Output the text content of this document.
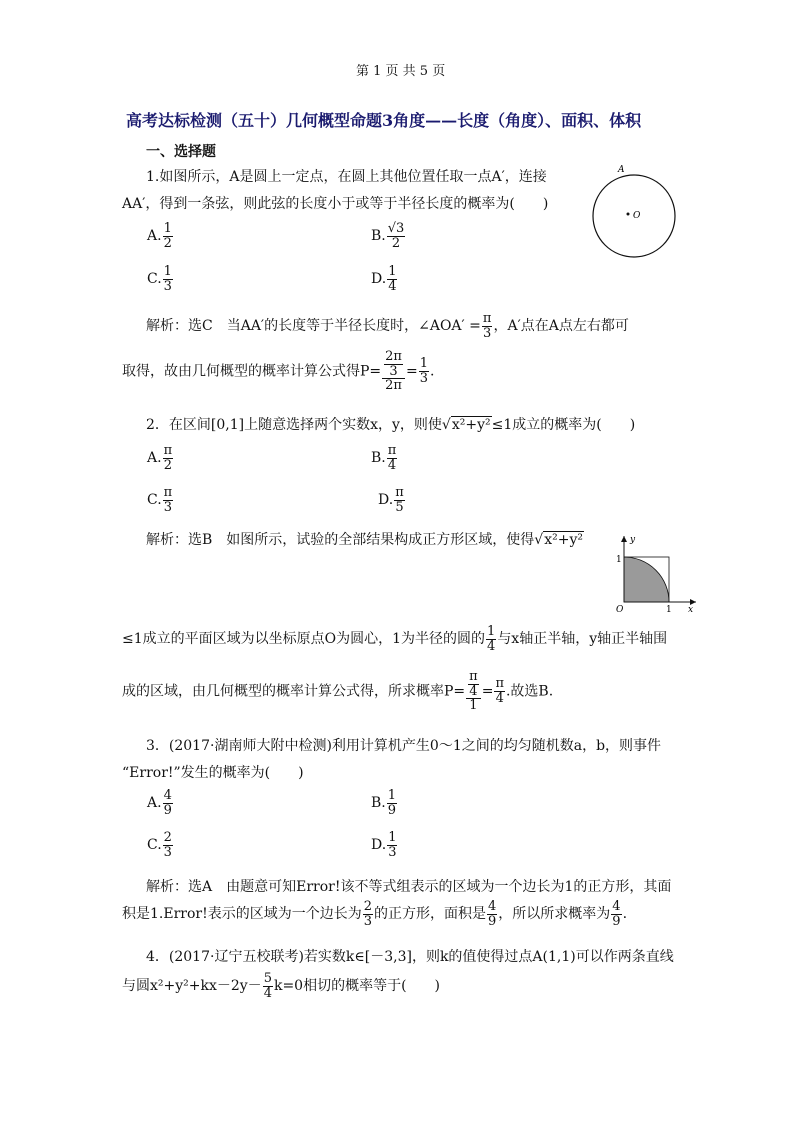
第 1 页 共 5 页
高考达标检测（五十）几何概型命题3角度——长度（角度）、面积、体积
一、选择题
1.如图所示，A是圆上一定点，在圆上其他位置任取一点A′，连接
AA′，得到一条弦，则此弦的长度小于或等于半径长度的概率为(　　)
A
O
A. $\frac{1}{2}$	B. $\frac{√3}{2}$
C. $\frac{1}{3}$	D. $\frac{1}{4}$
解析：选C　当AA′的长度等于半径长度时，∠AOA′ = $\frac{\pi}{3}$ ，A′点在A点左右都可
取得，故由几何概型的概率计算公式得$P= \frac{\frac{2\pi}{3}}{2\pi} = \frac{1}{3}$ .
2．在区间[0,1]上随意选择两个实数x，y，则使√x²+y²≤1成立的概率为(　　)
A. $\frac{\pi}{2}$	B. $\frac{\pi}{4}$
C. $\frac{\pi}{3}$	D. $\frac{\pi}{5}$
解析：选B　如图所示，试验的全部结果构成正方形区域，使得√x²+y²	y
x
O
1
1
≤1成立的平面区域为以坐标原点O为圆心，1为半径的圆的 $\frac{1}{4}$ 与x轴正半轴，y轴正半轴围
成的区域，由几何概型的概率计算公式得，所求概率$P= \frac{\frac{\pi}{4}}{1} = \frac{\pi}{4}$ .故选B.
3．(2017·湖南师大附中检测)利用计算机产生0～1之间的均匀随机数a，b，则事件
“Error!”发生的概率为(　　)
A. $\frac{4}{9}$	B. $\frac{1}{9}$
C. $\frac{2}{3}$	D. $\frac{1}{3}$
解析：选A　由题意可知Error!该不等式组表示的区域为一个边长为1的正方形，其面
积是1.Error!表示的区域为一个边长为 $\frac{2}{3}$ 的正方形，面积是 $\frac{4}{9}$ ，所以所求概率为 $\frac{4}{9}$ .
4．(2017·辽宁五校联考)若实数k∈[－3,3]，则k的值使得过点A(1,1)可以作两条直线
与圆$x^2+y^2+kx-2y- \frac{5}{4} k=0$相切的概率等于(　　)
